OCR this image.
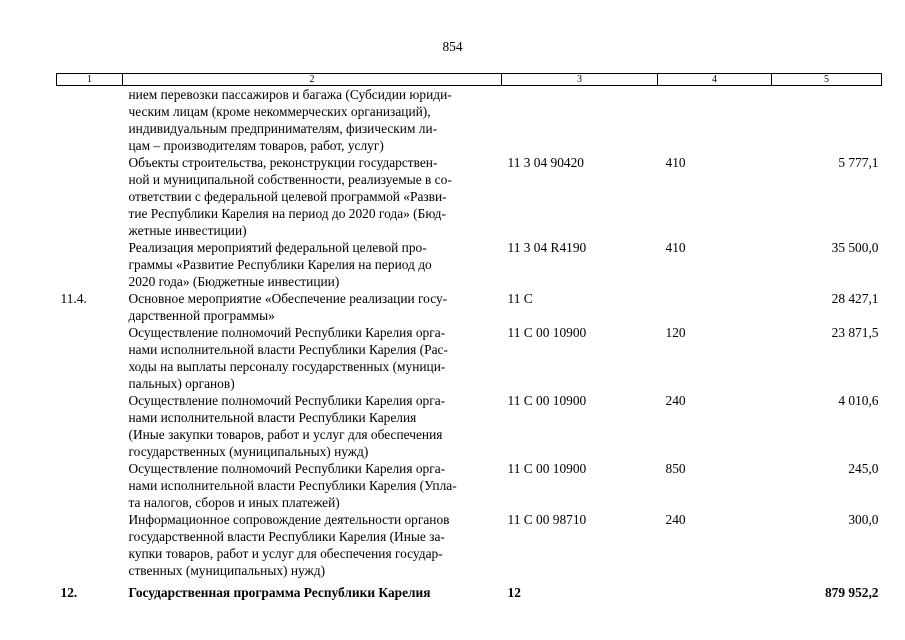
854
1	2	3	4	5

	нием перевозки пассажиров и багажа (Субсидии юриди-
ческим лицам (кроме некоммерческих организаций),
индивидуальным предпринимателям, физическим ли-
цам – производителям товаров, работ, услуг)			

	Объекты строительства, реконструкции государствен-
ной и муниципальной собственности, реализуемые в со-
ответствии с федеральной целевой программой «Разви-
тие Республики Карелия на период до 2020 года» (Бюд-
жетные инвестиции)	11 3 04 90420	410	5 777,1

	Реализация мероприятий федеральной целевой про-
граммы «Развитие Республики Карелия на период до
2020 года» (Бюджетные инвестиции)	11 3 04 R4190	410	35 500,0
11.4.	Основное мероприятие «Обеспечение реализации госу-
дарственной программы»	11 С		28 427,1

	Осуществление полномочий Республики Карелия орга-
нами исполнительной власти Республики Карелия (Рас-
ходы на выплаты персоналу государственных (муници-
пальных) органов)	11 С 00 10900	120	23 871,5

	Осуществление полномочий Республики Карелия орга-
нами исполнительной власти Республики Карелия
(Иные закупки товаров, работ и услуг для обеспечения
государственных (муниципальных) нужд)	11 С 00 10900	240	4 010,6

	Осуществление полномочий Республики Карелия орга-
нами исполнительной власти Республики Карелия (Упла-
та налогов, сборов и иных платежей)	11 С 00 10900	850	245,0

	Информационное сопровождение деятельности органов
государственной власти Республики Карелия (Иные за-
купки товаров, работ и услуг для обеспечения государ-
ственных (муниципальных) нужд)	11 С 00 98710	240	300,0
12.	Государственная программа Республики Карелия	12		879 952,2
